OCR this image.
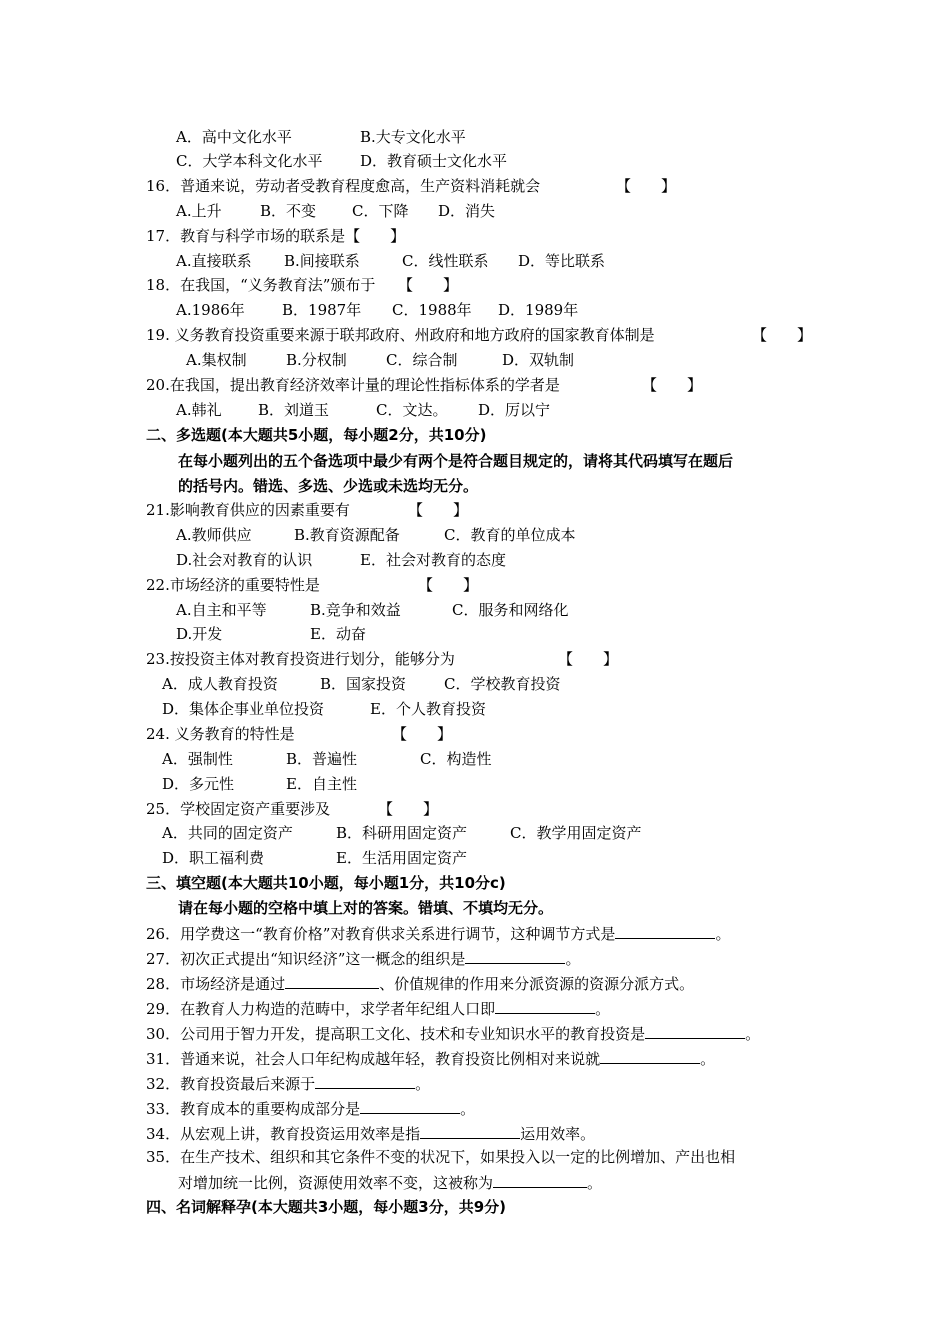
A．高中文化水平	B.大专文化水平
C．大学本科文化水平	D．教育硕士文化水平
16．普通来说，劳动者受教育程度愈高，生产资料消耗就会	【　　】
A.上升	B．不变 C．下降 D．消失
17．教育与科学市场的联系是【　　】
A.直接联系 B.间接联系	C．线性联系 D．等比联系
18．在我国，“义务教育法”颁布于 【　　】
A.1986年 B．1987年 C．1988年 D．1989年
19. 义务教育投资重要来源于联邦政府、州政府和地方政府的国家教育体制是	【　　】
A.集权制	B.分权制	C．综合制	D．双轨制
20.在我国，提出教育经济效率计量的理论性指标体系的学者是	【　　】
A.韩礼 B．刘道玉	C．文达。 D．厉以宁
二、多选题(本大题共5小题，每小题2分，共10分)
在每小题列出的五个备选项中最少有两个是符合题目规定的，请将其代码填写在题后
的括号内。错选、多选、少选或未选均无分。
21.影响教育供应的因素重要有	【　　】
A.教师供应	B.教育资源配备	C．教育的单位成本
D.社会对教育的认识	E．社会对教育的态度
22.市场经济的重要特性是	【　　】
A.自主和平等	B.竞争和效益	C．服务和网络化
D.开发	E．动奋
23.按投资主体对教育投资进行划分，能够分为	【　　】
A．成人教育投资	B．国家投资	C．学校教育投资
D．集体企事业单位投资	E．个人教育投资
24. 义务教育的特性是	【　　】
A．强制性	B．普遍性	C．构造性
D．多元性	E．自主性
25．学校固定资产重要涉及	【　　】
A．共同的固定资产	B．科研用固定资产	C．教学用固定资产
D．职工福利费	E．生活用固定资产
三、填空题(本大题共10小题，每小题1分，共10分c)
请在每小题的空格中填上对的答案。错填、不填均无分。
26．用学费这一“教育价格”对教育供求关系进行调节，这种调节方式是	。
27．初次正式提出“知识经济”这一概念的组织是	。
28．市场经济是通过	、价值规律的作用来分派资源的资源分派方式。
29．在教育人力构造的范畴中，求学者年纪组人口即	。
30．公司用于智力开发，提高职工文化、技术和专业知识水平的教育投资是	。
31．普通来说，社会人口年纪构成越年轻，教育投资比例相对来说就	。
32．教育投资最后来源于	。
33．教育成本的重要构成部分是	。
34．从宏观上讲，教育投资运用效率是指	运用效率。
35．在生产技术、组织和其它条件不变的状况下，如果投入以一定的比例增加、产出也相
对增加统一比例，资源使用效率不变，这被称为	。
四、名词解释孕(本大题共3小题，每小题3分，共9分)
